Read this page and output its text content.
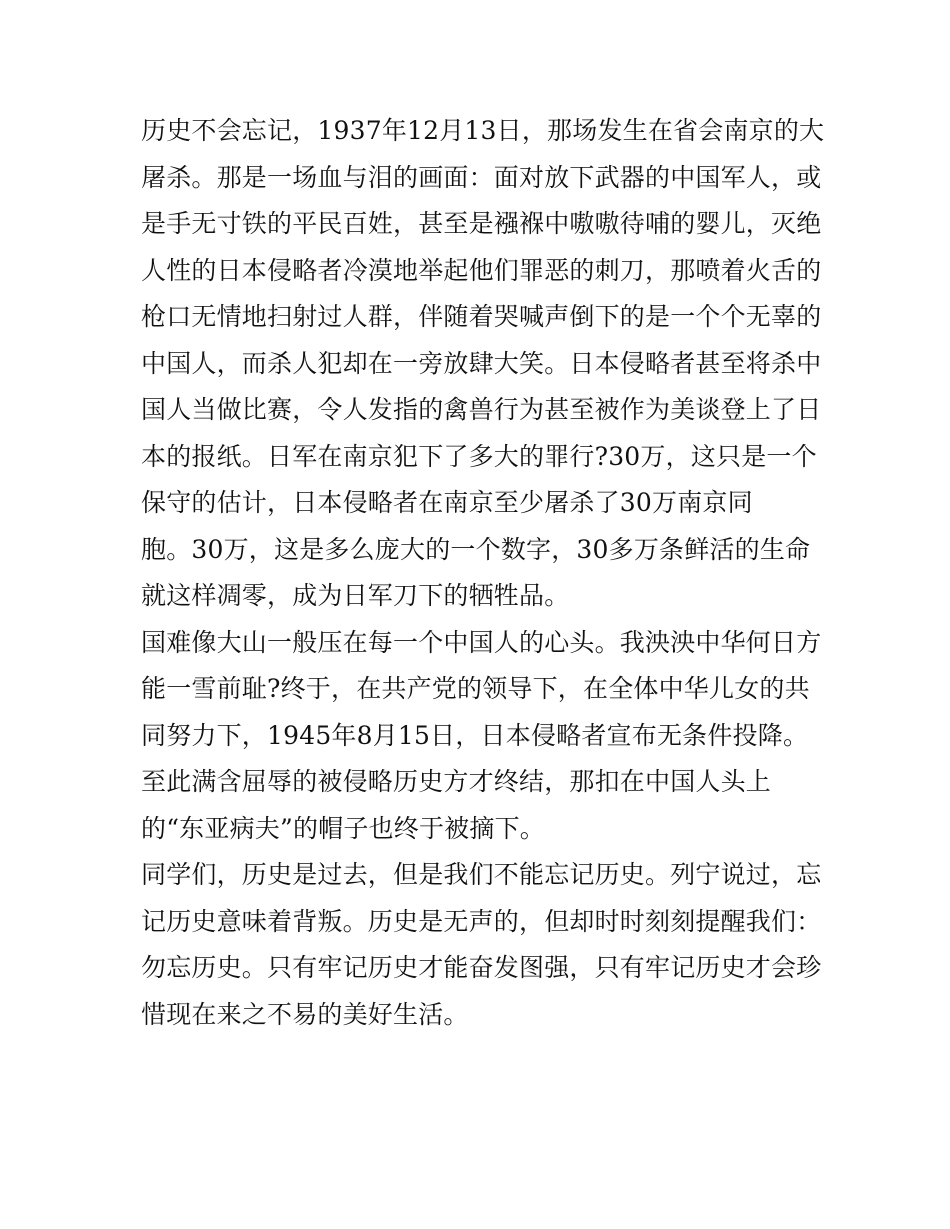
历史不会忘记，1937年12月13日，那场发生在省会南京的大
屠杀。那是一场血与泪的画面：面对放下武器的中国军人，或
是手无寸铁的平民百姓，甚至是襁褓中嗷嗷待哺的婴儿，灭绝
人性的日本侵略者冷漠地举起他们罪恶的刺刀，那喷着火舌的
枪口无情地扫射过人群，伴随着哭喊声倒下的是一个个无辜的
中国人，而杀人犯却在一旁放肆大笑。日本侵略者甚至将杀中
国人当做比赛，令人发指的禽兽行为甚至被作为美谈登上了日
本的报纸。日军在南京犯下了多大的罪行?30万，这只是一个
保守的估计，日本侵略者在南京至少屠杀了30万南京同
胞。30万，这是多么庞大的一个数字，30多万条鲜活的生命
就这样凋零，成为日军刀下的牺牲品。
国难像大山一般压在每一个中国人的心头。我泱泱中华何日方
能一雪前耻?终于，在共产党的领导下，在全体中华儿女的共
同努力下，1945年8月15日，日本侵略者宣布无条件投降。
至此满含屈辱的被侵略历史方才终结，那扣在中国人头上
的“东亚病夫”的帽子也终于被摘下。
同学们，历史是过去，但是我们不能忘记历史。列宁说过，忘
记历史意味着背叛。历史是无声的，但却时时刻刻提醒我们：
勿忘历史。只有牢记历史才能奋发图强，只有牢记历史才会珍
惜现在来之不易的美好生活。
